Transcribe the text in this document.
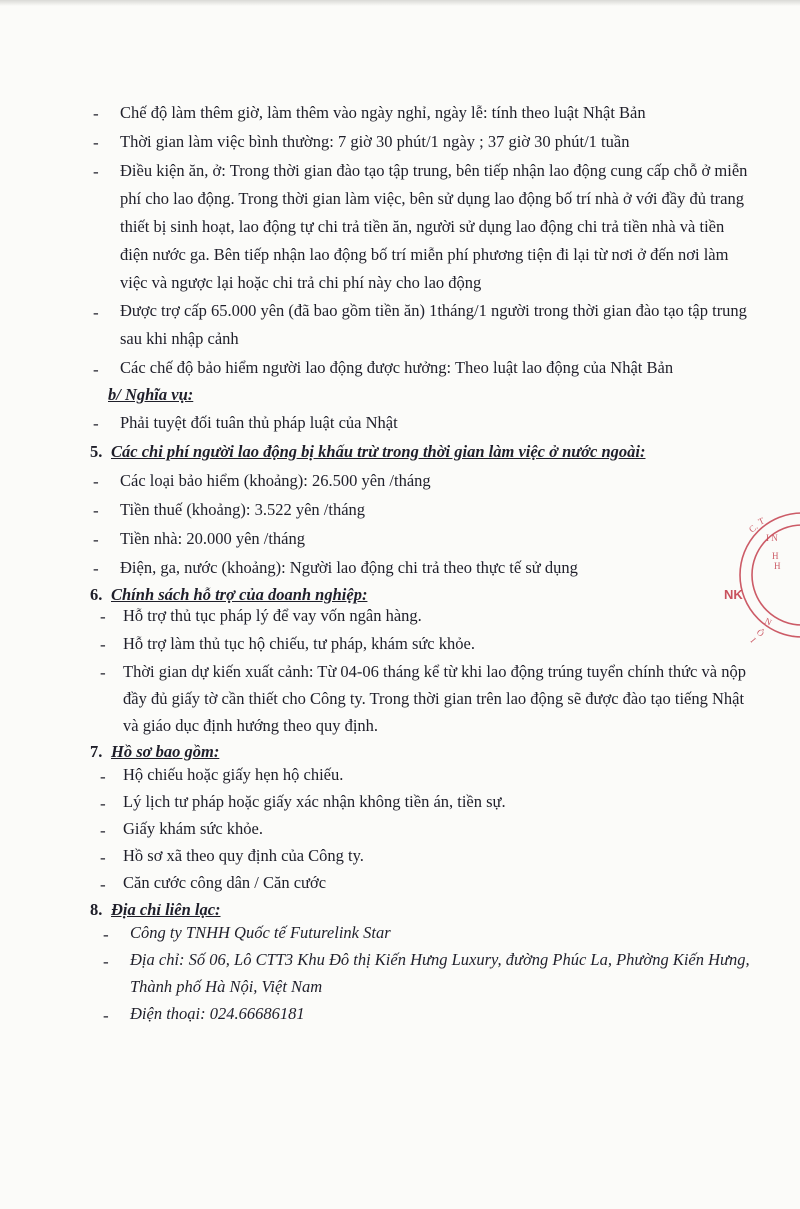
- Chế độ làm thêm giờ, làm thêm vào ngày nghỉ, ngày lễ: tính theo luật Nhật Bản
- Thời gian làm việc bình thường: 7 giờ 30 phút/1 ngày ; 37 giờ 30 phút/1 tuần
- Điều kiện ăn, ở: Trong thời gian đào tạo tập trung, bên tiếp nhận lao động cung cấp chỗ ở miễn
phí cho lao động. Trong thời gian làm việc, bên sử dụng lao động bố trí nhà ở với đầy đủ trang
thiết bị sinh hoạt, lao động tự chi trả tiền ăn, người sử dụng lao động chi trả tiền nhà và tiền
điện nước ga. Bên tiếp nhận lao động bố trí miễn phí phương tiện đi lại từ nơi ở đến nơi làm
việc và ngược lại hoặc chi trả chi phí này cho lao động
- Được trợ cấp 65.000 yên (đã bao gồm tiền ăn) 1tháng/1 người trong thời gian đào tạo tập trung
sau khi nhập cảnh
- Các chế độ bảo hiểm người lao động được hưởng: Theo luật lao động của Nhật Bản
b/ Nghĩa vụ:
- Phải tuyệt đối tuân thủ pháp luật của Nhật
5. Các chi phí người lao động bị khấu trừ trong thời gian làm việc ở nước ngoài:
- Các loại bảo hiểm (khoảng): 26.500 yên /tháng
- Tiền thuế (khoảng): 3.522 yên /tháng
- Tiền nhà: 20.000 yên /tháng
- Điện, ga, nước (khoảng): Người lao động chi trả theo thực tế sử dụng
6. Chính sách hỗ trợ của doanh nghiệp:
- Hỗ trợ thủ tục pháp lý để vay vốn ngân hàng.
- Hỗ trợ làm thủ tục hộ chiếu, tư pháp, khám sức khỏe.
- Thời gian dự kiến xuất cảnh: Từ 04-06 tháng kể từ khi lao động trúng tuyển chính thức và nộp
đầy đủ giấy tờ cần thiết cho Công ty. Trong thời gian trên lao động sẽ được đào tạo tiếng Nhật
và giáo dục định hướng theo quy định.
7. Hồ sơ bao gồm:
- Hộ chiếu hoặc giấy hẹn hộ chiếu.
- Lý lịch tư pháp hoặc giấy xác nhận không tiền án, tiền sự.
- Giấy khám sức khỏe.
- Hồ sơ xã theo quy định của Công ty.
- Căn cước công dân / Căn cước
8. Địa chỉ liên lạc:
- Công ty TNHH Quốc tế Futurelink Star
- Địa chỉ: Số 06, Lô CTT3 Khu Đô thị Kiến Hưng Luxury, đường Phúc La, Phường Kiến Hưng,
Thành phố Hà Nội, Việt Nam
- Điện thoại: 024.66686181
C.
T
I N
H
H
N
Ô
I
NK
